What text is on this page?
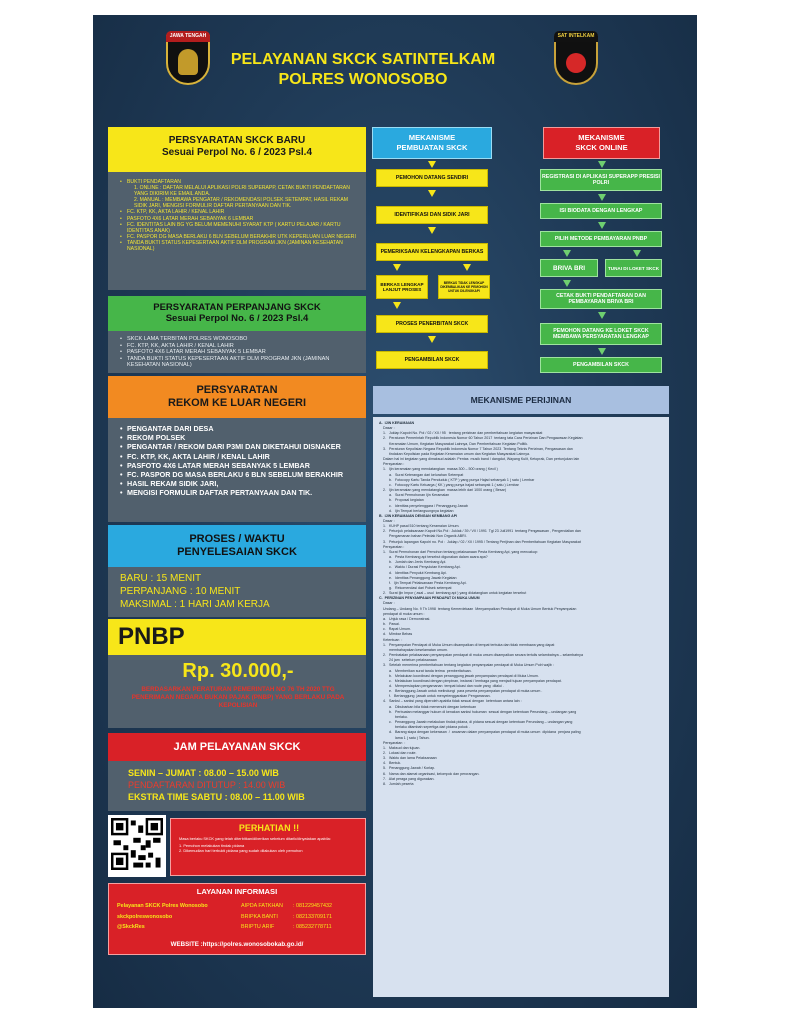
JAWA TENGAH
PELAYANAN SKCK SATINTELKAM
POLRES WONOSOBO
SAT INTELKAM
PERSYARATAN SKCK BARU
Sesuai Perpol No. 6 / 2023 Psl.4
• BUKTI PENDAFTARAN
1. ONLINE : DAFTAR MELALUI APLIKASI POLRI SUPERAPP, CETAK BUKTI PENDAFTARAN YANG DIKIRIM KE EMAIL ANDA.
2. MANUAL : MEMBAWA PENGATAR / REKOMENDASI POLSEK SETEMPAT, HASIL REKAM SIDIK JARI, MENGISI FORMULIR DAFTAR PERTANYAAN DAN TIK.
• FC. KTP, KK, AKTA LAHIR / KENAL LAHIR
• PASFOTO 4X6 LATAR MERAH SEBANYAK 6 LEMBAR
• FC. IDENTITAS LAIN BG YG BELUM MEMENUHI SYARAT KTP ( KARTU PELAJAR / KARTU IDENTITAS ANAK)
• FC. PASPOR DG MASA BERLAKU 6 BLN SEBELUM BERAKHIR UTK KEPERLUAN LUAR NEGERI
• TANDA BUKTI STATUS KEPESERTAAN AKTIF DLM PROGRAM JKN (JAMINAN KESEHATAN NASIONAL)
PERSYARATAN PERPANJANG SKCK
Sesuai Perpol No. 6 / 2023 Psl.4
• SKCK LAMA TERBITAN POLRES WONOSOBO
• FC. KTP, KK, AKTA LAHIR / KENAL LAHIR
• PASFOTO 4X6 LATAR MERAH SEBANYAK 5 LEMBAR
• TANDA BUKTI STATUS KEPESERTAAN AKTIF DLM PROGRAM JKN (JAMINAN KESEHATAN NASIONAL)
PERSYARATAN
REKOM KE LUAR NEGERI
• PENGANTAR DARI DESA
• REKOM POLSEK
• PENGANTAR / REKOM DARI P3MI DAN DIKETAHUI DISNAKER
• FC. KTP, KK, AKTA LAHIR / KENAL LAHIR
• PASFOTO 4X6 LATAR MERAH SEBANYAK 5 LEMBAR
• FC. PASPOR DG MASA BERLAKU 6 BLN SEBELUM BERAKHIR
• HASIL REKAM SIDIK JARI,
• MENGISI FORMULIR DAFTAR PERTANYAAN DAN TIK.
PROSES / WAKTU
PENYELESAIAN SKCK
BARU : 15 MENIT
PERPANJANG : 10 MENIT
MAKSIMAL : 1 HARI JAM KERJA
PNBP
Rp. 30.000,-
BERDASARKAN PERATURAN PEMERINTAH NO 76 TH 2020 TTG PENERIMAAN NEGARA BUKAN PAJAK (PNBP) YANG BERLAKU PADA KEPOLISIAN
JAM PELAYANAN SKCK
SENIN – JUMAT : 08.00 – 15.00 WIB
PENDAFTARAN DITUTUP : 14.00 WIB
EKSTRA TIME SABTU : 08.00 – 11.00 WIB
PERHATIAN !!
Masa berlaku SKCK yang telah diterbitkan/diberikan sebelum ditarik/dinyatakan apabila:
1. Pemohon melakukan tindak pidana
2. Dikemudian hari terbukti pidana yang sudah dilakukan oleh pemohon
LAYANAN INFORMASI
Pelayanan SKCK Polres Wonosobo
skckpolreswonosobo
@SkckRes
AIPDA FATKHAN : 081229457432
BRIPKA BANTI	: 082133709171
BRIPTU ARIF	: 085232778711
WEBSITE :https://polres.wonosobokab.go.id/
MEKANISME
PEMBUATAN SKCK
PEMOHON DATANG SENDIRI
IDENTIFIKASI DAN SIDIK JARI
PEMERIKSAAN KELENGKAPAN BERKAS
BERKAS LENGKAP LANJUT PROSES
BERKAS TIDAK LENGKAP DIKEMBALIKAN KE PEMOHON UNTUK DILENGKAPI
PROSES PENERBITAN SKCK
PENGAMBILAN SKCK
MEKANISME
SKCK ONLINE
REGISTRASI DI APLIKASI SUPERAPP PRESISI POLRI
ISI BIODATA DENGAN LENGKAP
PILIH METODE PEMBAYARAN PNBP
BRIVA BRI	TUNAI DI LOKET SKCK
CETAK BUKTI PENDAFTARAN DAN PEMBAYARAN BRIVA BRI
PEMOHON DATANG KE LOKET SKCK MEMBAWA PERSYARATAN LENGKAP
PENGAMBILAN SKCK
MEKANISME PERIJINAN

A.  IJIN KERAMAIAN

Dasar :

1.   Juklap Kapolri No. Pol / 02 / XII / 95   tentang perizinan dan pemberitahuan kegiatan masyarakat

2.   Peraturan Pemerintah Republik Indonesia Nomor 60 Tahun 2017  tentang tata Cara Perizinan Dan Pengawasan Kegiatan

Keramaian Umum, Kegiatan Masyarakat Lainnya, Dan Pemberitahuan Kegiatan Politik.

3.   Peraturan Kepolisian Negara Republik Indonesia Nomor 7 Tahun 2023  Tentang Teknis Perizinan, Pengawasan dan

tindakan Kepolisian pada Kegiatan Keramaian umum dan Kegiatan Masyarakat Lainnya.

Dalam hal ini kegiatan yang dimaksud adalah: Pentas  musik band / dangdut, Wayang Kulit, Ketoprak, Dan pertunjukan lain

Persyaratan :

1.   Ijin keramaian yang mendatangkan  massa 300 – 500 orang ( Kecil )

a.   Surat Keterangan dari kelurahan Setempat

b.   Fotocopy Kartu Tanda Penduduk ( KTP ) yang punya Hajad sebanyak 1 ( satu ) Lembar

c.   Fotocopy Kartu Keluarga ( KK ) yang punya hajad sebanyak 1 ( satu ) Lembar

2.   Ijin keramaian yang mendatangkan  massa lebih dari 1000 orang ( Besar)

a.   Surat Permohonan Ijin Keramaian

b.   Proposal kegiatan

c.   Identitas penyelenggara / Penanggung Jawab

d.   Ijin Tempat berlangsungnya kegiatan

B.  IJIN KERAMAIAN DENGAN KEMBANG API

Dasar :

1.   KUHP pasal 510 tentang Keramaian Umum.

2.   Petunjuk pelaksanaan Kapolri No.Pol : Juklak / 39 / VII / 1991  Tgl 23 Juli1991  tentang Pengawasan , Pengendalian dan

Pengamanan bahan Peledak Non Organik ABRI.

3.   Petunjuk lapangan Kapolri no. Pol :  Juklap / 02 / XII / 1995 / Tentang Perijinan dan Pemberitahuan Kegiatan Masyarakat

Persyaratan :

1.   Surat Permohonan dari Pemohon tentang pelaksanaan Pesta Kembang Api, yang mencakup:

a.   Pesta Kembang api tersebut digunakan dalam acara apa?

b.   Jumlah dan Jenis Kembang Api.

c.   Waktu / Durasi Penyulutan Kembang Api.

d.   Identitas Penyulut Kembang Api.

e.   Identitas Penanggung Jawab Kegiatan

f.   Ijin Tempat Pelaksanaan Pesta Kembang Api.

g.   Rekomendasi dari Polsek setempat

2.   Surat Ijin Impor ( asal – usul  kembang api ) yang didatangkan untuk kegiatan tersebut

C.  PERIZINAN PENYAMPAIAN PENDAPAT DI MUKA UMUM

Dasar :

Undang – Undang No. 9 Th 1998  tentang Kemerdekaan  Menyampaikan Pendapat di Muka Umum Bentuk Penyampaian

pendapat di muka umum :

a.   Unjuk rasa / Demonstrasi.

b.   Pawai.

c.   Rapat Umum.

d.   Mimbar Bebas

Ketentuan  :

1.   Penyampaian Pendapat di Muka Umum disampaikan di tempat terbuka dan tidak membawa yang dapat

membahayakan keselamatan umum.

2.   Pembatalan pelaksanaan penyampaian pendapat di muka umum disampaikan secara tertulis selambatnya – selambatnya

24 jam  sebelum pelaksanaan

3.   Setelah menerima pemberitahuan tentang kegiatan penyampaian pendapat di Muka Umum Polri wajib :

a.   Memberikan surat tanda terima  pemberitahuan.

b.   Melakukan koordinasi dengan penanggung jawab penyampaian pendapat di Muka Umum.

c.   Melakukan koordinasi dengan pimpinan, instansi / lembaga yang menjadi tujuan penyampaian pendapat.

d.   Mempersiapkan pengamanan  tempat lokasi dan route yang  dilalui .

e.   Bertanggung Jawab untuk melindungi  para peserta penyampaian pendapat di muka umum .

f.   Bertanggung  jawab untuk menyelenggarakan Pengamanan.

4.   Sanksi – sanksi yang diperoleh apabila tidak sesuai dengan  ketentuan antara lain :

a.   Dibubarkan bila tidak memenuhi dengan ketentuan

b.   Perbuatan melanggar hukum di kenakan sanksi hukuman  sesuai dengan ketentuan Perundang – undangan yang

berlaku.

c.   Penanggung Jawab melakukan tindak pidana, di pidana sesuai dengan ketentuan Perundang – undangan yang

berlaku ditambah sepertiga dari pidana pokok .

d.   Barang siapa dengan kekerasan  /  ancaman dalam penyampaian pendapat di muka umum  dipidana  penjara paling

lama 1 ( satu ) Tahun.

Persyaratan  :

1.   Maksud dan tujuan.

2.   Lokasi dan route.

3.   Waktu dan lama Pelaksanaan

4.   Bentuk.

5.   Penanggung Jawab / Korlap.

6.   Nama dan alamat organisasi, kelompok dan perorangan.

7.   Alat peraga yang digunakan.

8.   Jumlah peserta
